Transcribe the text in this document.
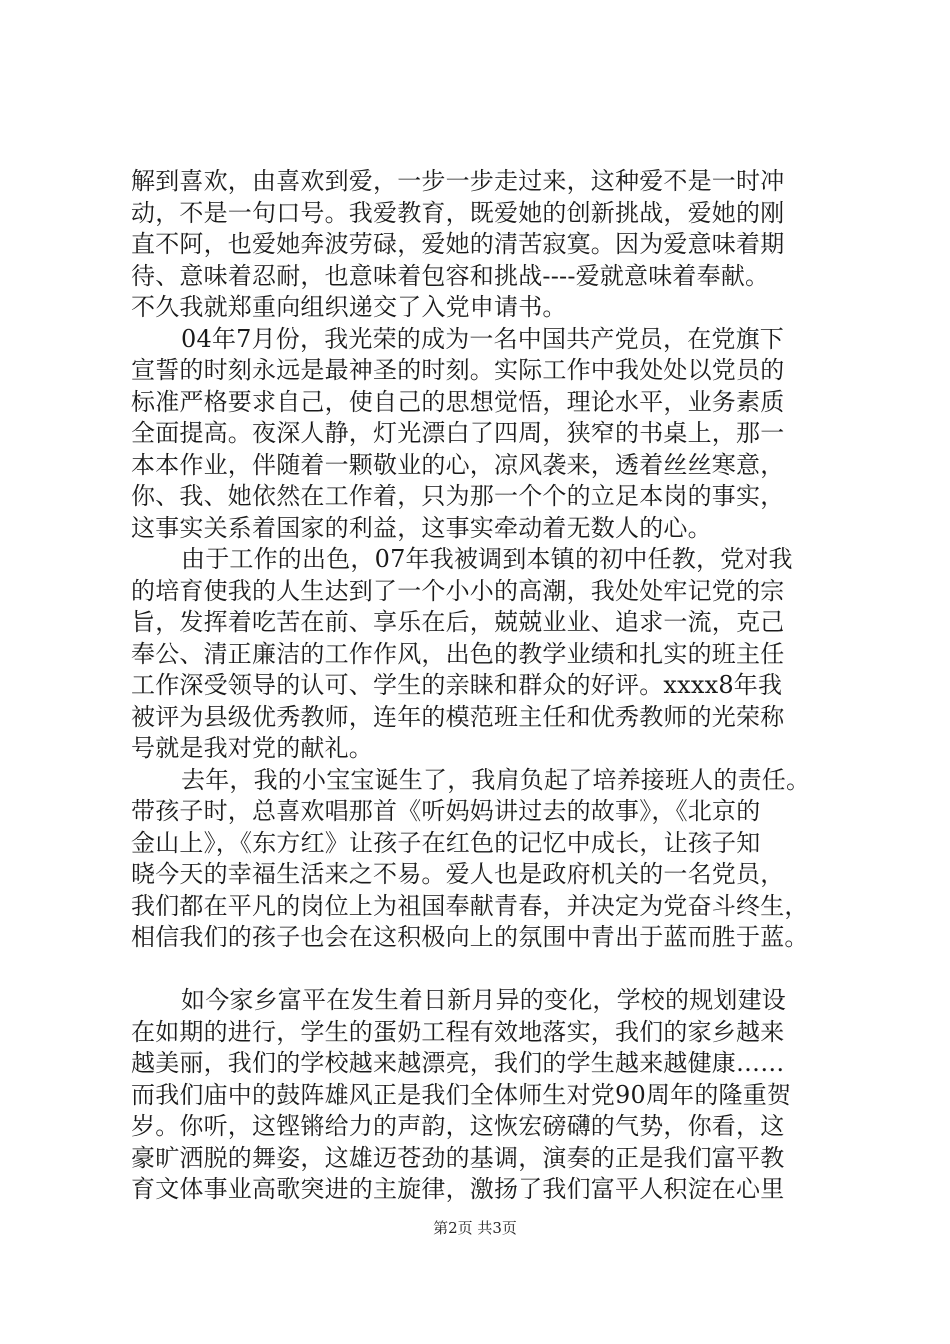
解到喜欢，由喜欢到爱，一步一步走过来，这种爱不是一时冲
动，不是一句口号。我爱教育，既爱她的创新挑战，爱她的刚
直不阿，也爱她奔波劳碌，爱她的清苦寂寞。因为爱意味着期
待、意味着忍耐，也意味着包容和挑战----爱就意味着奉献。
不久我就郑重向组织递交了入党申请书。
04年7月份，我光荣的成为一名中国共产党员，在党旗下
宣誓的时刻永远是最神圣的时刻。实际工作中我处处以党员的
标准严格要求自己，使自己的思想觉悟，理论水平，业务素质
全面提高。夜深人静，灯光漂白了四周，狭窄的书桌上，那一
本本作业，伴随着一颗敬业的心，凉风袭来，透着丝丝寒意，
你、我、她依然在工作着，只为那一个个的立足本岗的事实，
这事实关系着国家的利益，这事实牵动着无数人的心。
由于工作的出色，07年我被调到本镇的初中任教，党对我
的培育使我的人生达到了一个小小的高潮，我处处牢记党的宗
旨，发挥着吃苦在前、享乐在后，兢兢业业、追求一流，克己
奉公、清正廉洁的工作作风，出色的教学业绩和扎实的班主任
工作深受领导的认可、学生的亲睐和群众的好评。xxxx8年我
被评为县级优秀教师，连年的模范班主任和优秀教师的光荣称
号就是我对党的献礼。
去年，我的小宝宝诞生了，我肩负起了培养接班人的责任。
带孩子时，总喜欢唱那首《听妈妈讲过去的故事》，《北京的
金山上》，《东方红》让孩子在红色的记忆中成长，让孩子知
晓今天的幸福生活来之不易。爱人也是政府机关的一名党员，
我们都在平凡的岗位上为祖国奉献青春，并决定为党奋斗终生，
相信我们的孩子也会在这积极向上的氛围中青出于蓝而胜于蓝。
如今家乡富平在发生着日新月异的变化，学校的规划建设
在如期的进行，学生的蛋奶工程有效地落实，我们的家乡越来
越美丽，我们的学校越来越漂亮，我们的学生越来越健康……
而我们庙中的鼓阵雄风正是我们全体师生对党90周年的隆重贺
岁。你听，这铿锵给力的声韵，这恢宏磅礴的气势，你看，这
豪旷洒脱的舞姿，这雄迈苍劲的基调，演奏的正是我们富平教
育文体事业高歌突进的主旋律，激扬了我们富平人积淀在心里
第2页 共3页
